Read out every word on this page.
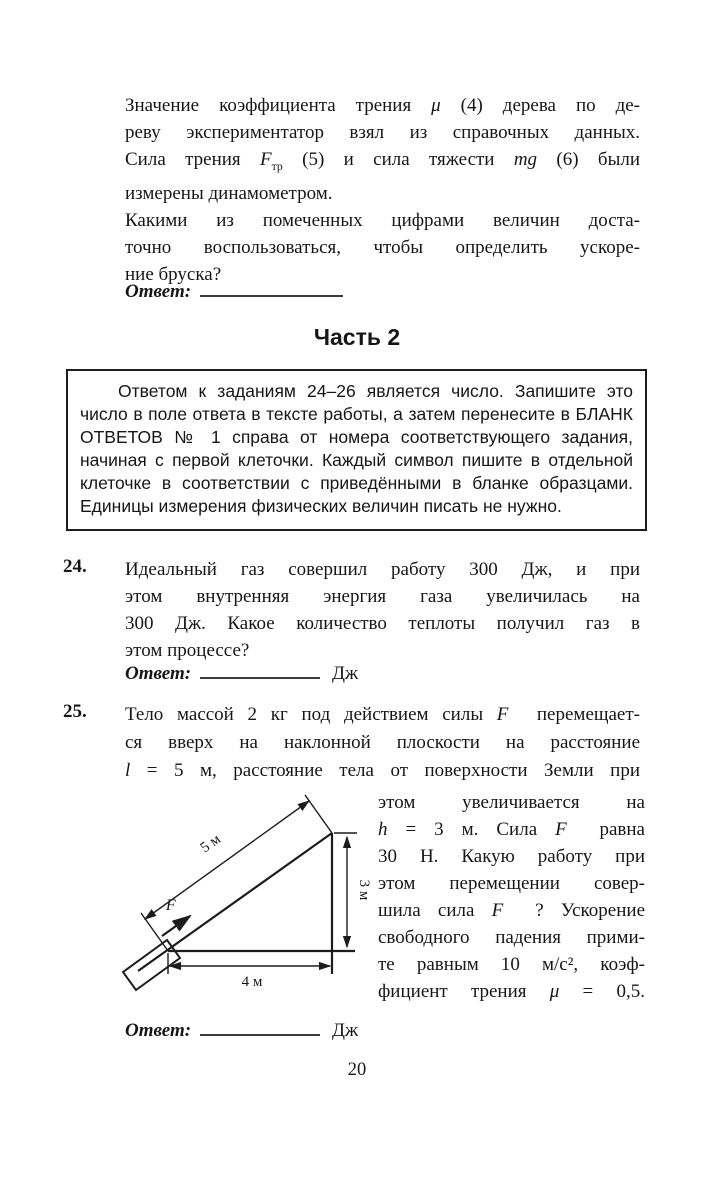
Значение коэффициента трения μ (4) дерева по де-
реву экспериментатор взял из справочных данных.
Сила трения $F_{тр}$ (5) и сила тяжести mg (6) были
измерены динамометром.
Какими из помеченных цифрами величин доста-
точно воспользоваться, чтобы определить ускоре-
ние бруска?
Ответ:
Часть 2
Ответом к заданиям 24–26 является число. Запишите это
число в поле ответа в тексте работы, а затем перенесите в БЛАНК
ОТВЕТОВ № 1 справа от номера соответствующего задания,
начиная с первой клеточки. Каждый символ пишите в отдельной
клеточке в соответствии с приведёнными в бланке образцами.
Единицы измерения физических величин писать не нужно.
24. Идеальный газ совершил работу 300 Дж, и при
этом внутренняя энергия газа увеличилась на
300 Дж. Какое количество теплоты получил газ в
этом процессе?
Ответ:	Дж
25. Тело массой 2 кг под действием силы F⃗ перемещает-
ся вверх на наклонной плоскости на расстояние
l = 5 м, расстояние тела от поверхности Земли при
F⃗
5 м
3 м
4 м
этом увеличивается на
h = 3 м. Сила F⃗ равна
30 Н. Какую работу при
этом перемещении совер-
шила сила F⃗ ? Ускорение
свободного падения прими-
те равным 10 м/с², коэф-
фициент трения μ = 0,5.
Ответ:	Дж
20
